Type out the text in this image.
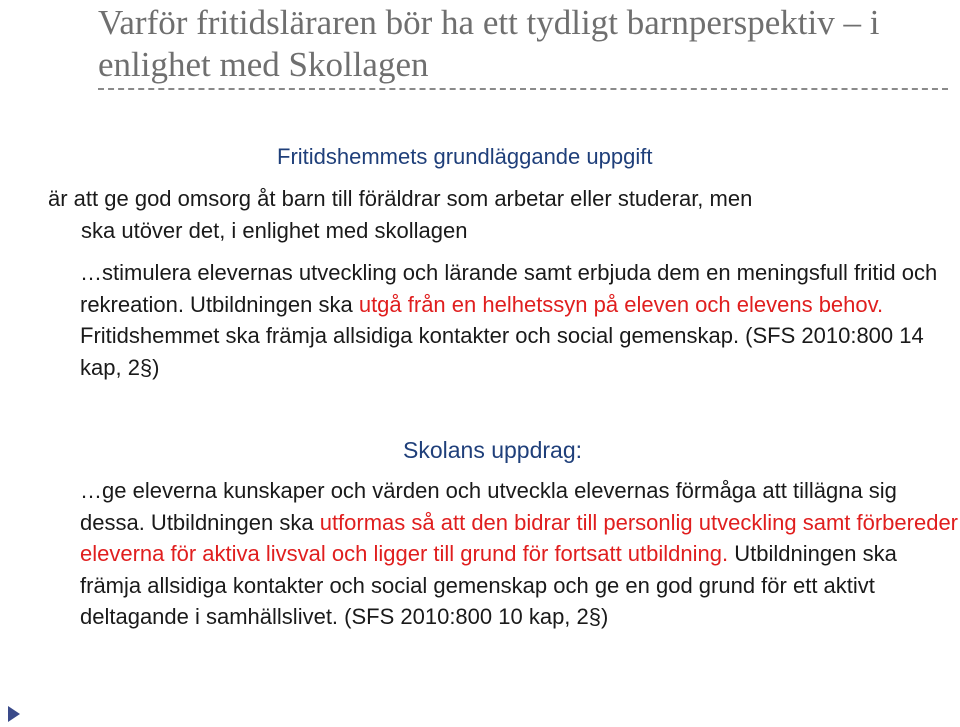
Varför fritidsläraren bör ha ett tydligt barnperspektiv – i enlighet med Skollagen
Fritidshemmets grundläggande uppgift

är att ge god omsorg åt barn till föräldrar som arbetar eller studerar, men
ska utöver det, i enlighet med skollagen

…stimulera elevernas utveckling och lärande samt erbjuda dem en meningsfull fritid och rekreation. Utbildningen ska utgå från en helhetssyn på eleven och elevens behov. Fritidshemmet ska främja allsidiga kontakter och social gemenskap. (SFS 2010:800 14 kap, 2§)

Skolans uppdrag:

…ge eleverna kunskaper och värden och utveckla elevernas förmåga att tillägna sig dessa. Utbildningen ska utformas så att den bidrar till personlig utveckling samt förbereder eleverna för aktiva livsval och ligger till grund för fortsatt utbildning. Utbildningen ska främja allsidiga kontakter och social gemenskap och ge en god grund för ett aktivt deltagande i samhällslivet. (SFS 2010:800 10 kap, 2§)
